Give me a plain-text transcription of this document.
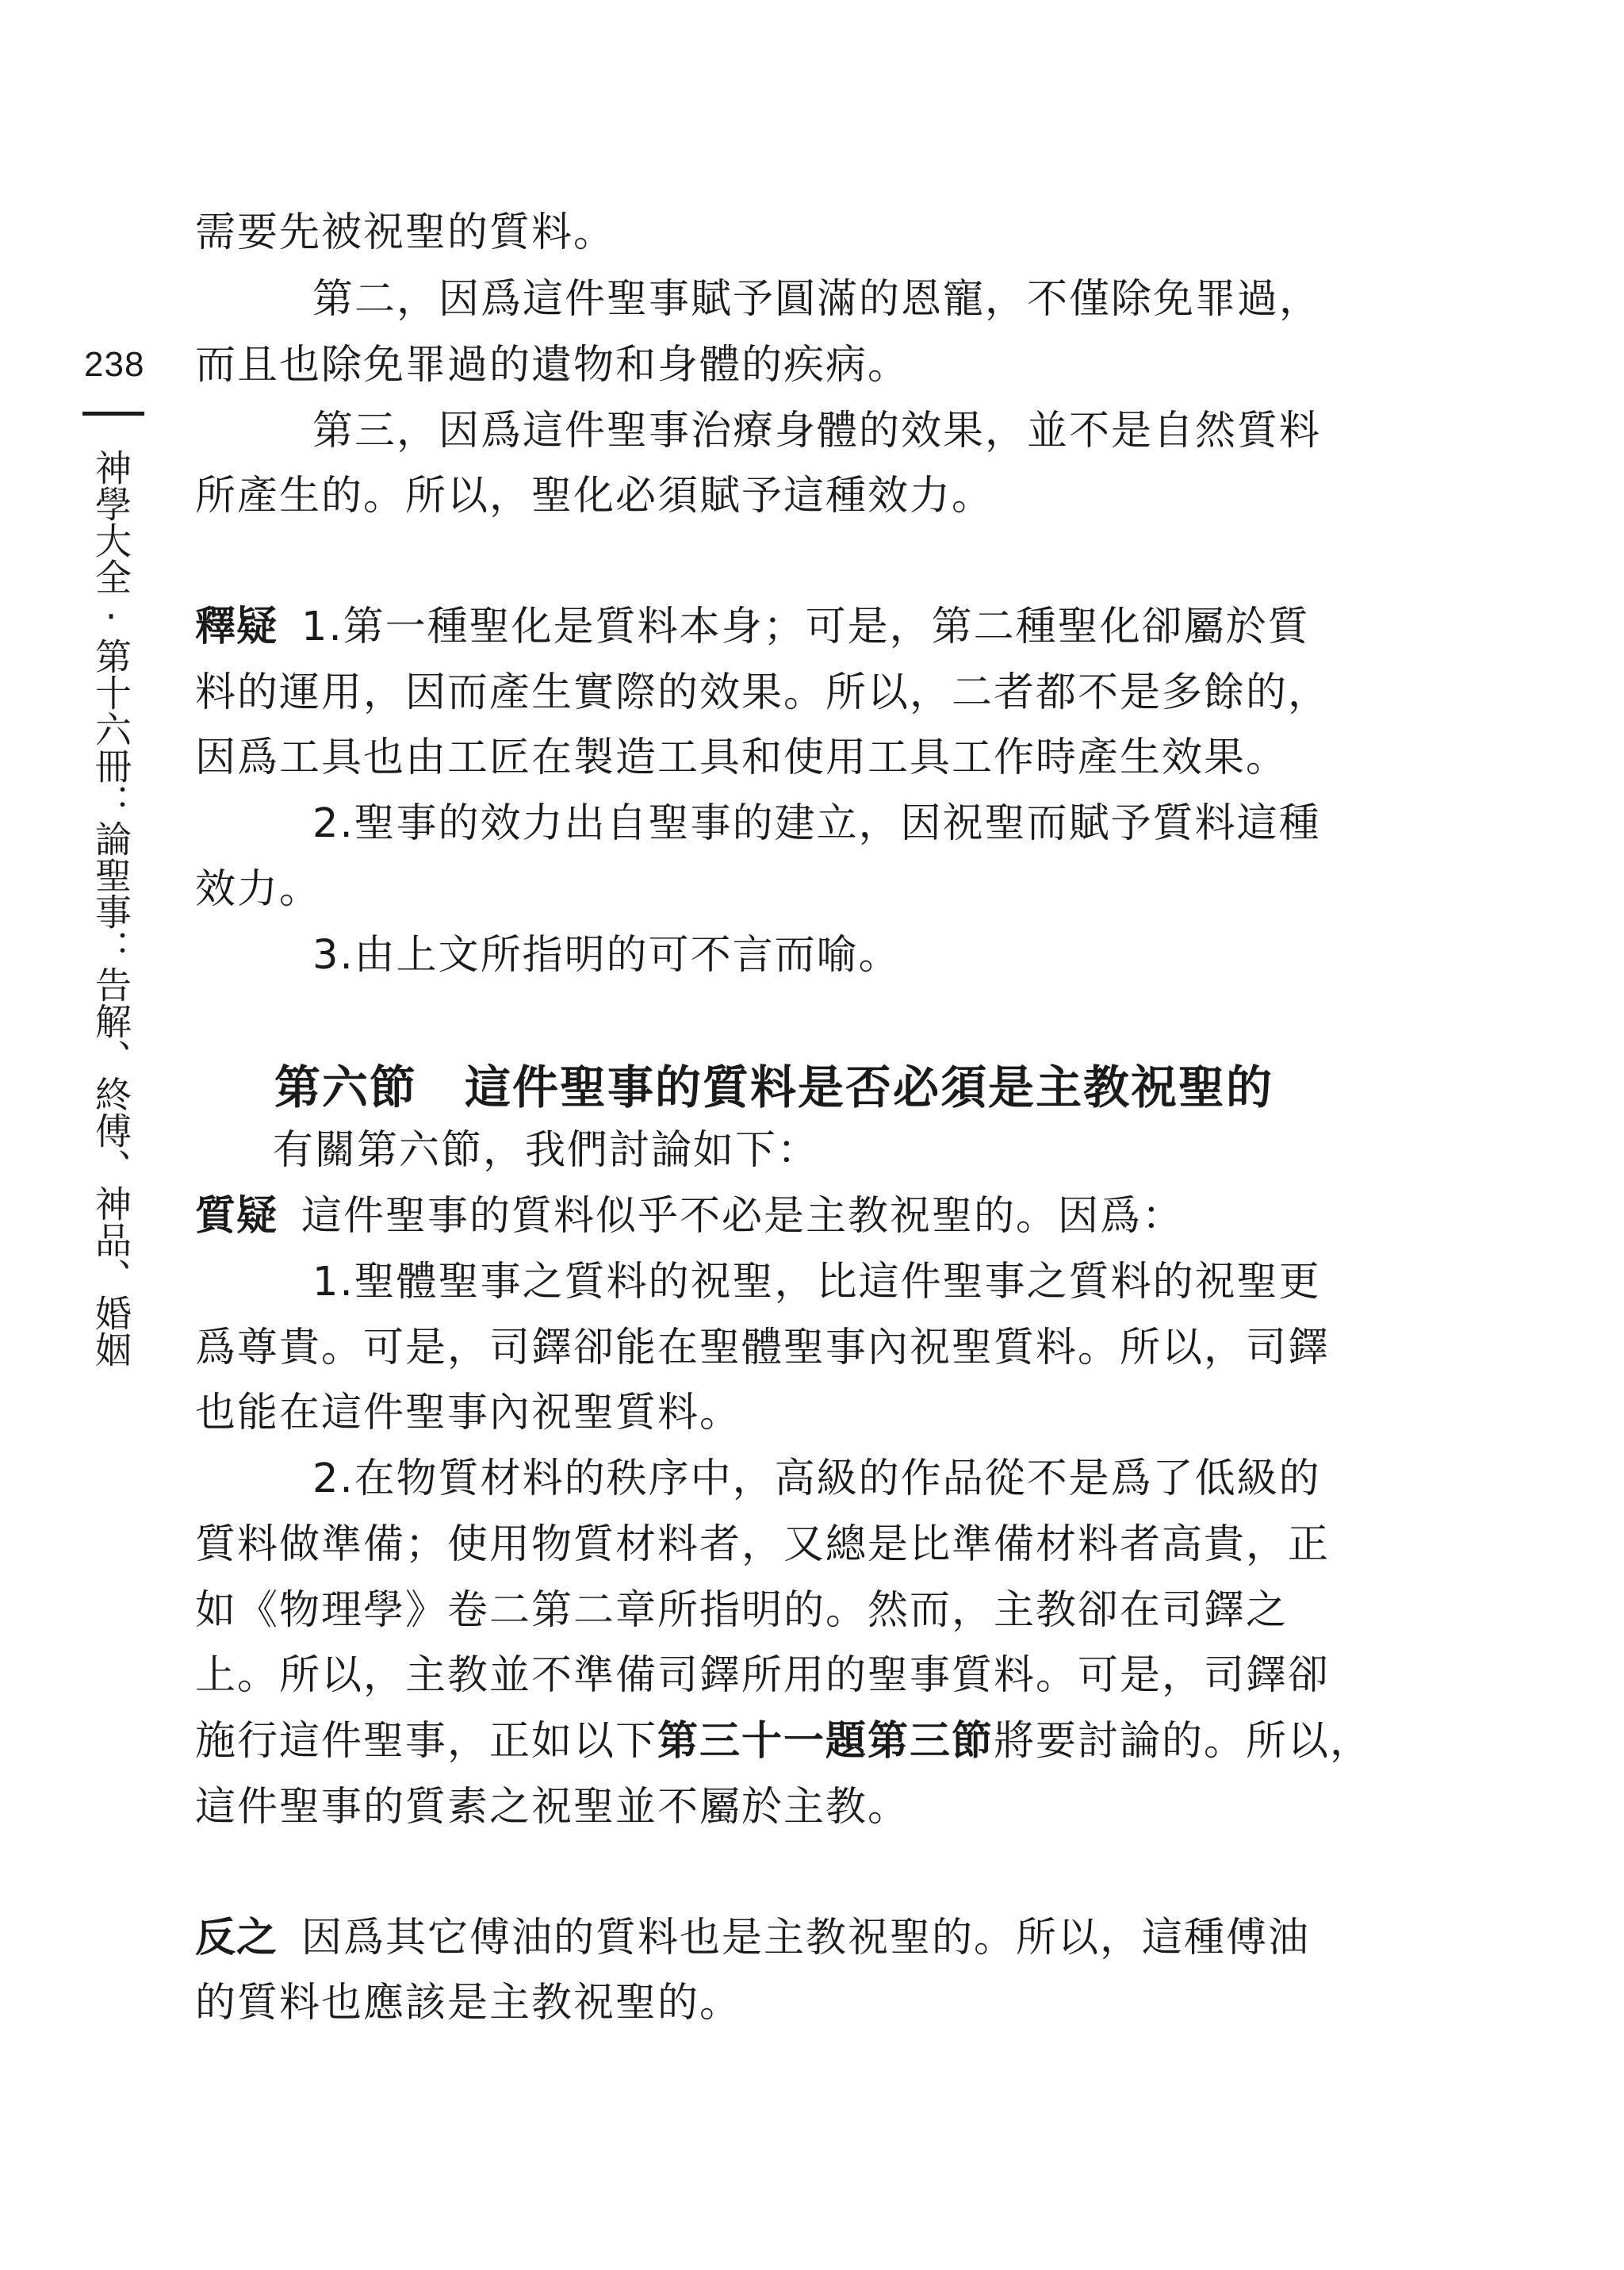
238
神學大全·第十六冊：論聖事：告解、終傅、神品、婚姻
需要先被祝聖的質料。
第二，因爲這件聖事賦予圓滿的恩寵，不僅除免罪過，
而且也除免罪過的遺物和身體的疾病。
第三，因爲這件聖事治療身體的效果，並不是自然質料
所產生的。所以，聖化必須賦予這種效力。
釋疑 1.第一種聖化是質料本身；可是，第二種聖化卻屬於質
料的運用，因而產生實際的效果。所以，二者都不是多餘的，
因爲工具也由工匠在製造工具和使用工具工作時產生效果。
2.聖事的效力出自聖事的建立，因祝聖而賦予質料這種
效力。
3.由上文所指明的可不言而喻。
第六節 這件聖事的質料是否必須是主教祝聖的
有關第六節，我們討論如下：
質疑 這件聖事的質料似乎不必是主教祝聖的。因爲：
1.聖體聖事之質料的祝聖，比這件聖事之質料的祝聖更
爲尊貴。可是，司鐸卻能在聖體聖事內祝聖質料。所以，司鐸
也能在這件聖事內祝聖質料。
2.在物質材料的秩序中，高級的作品從不是爲了低級的
質料做準備；使用物質材料者，又總是比準備材料者高貴，正
如《物理學》卷二第二章所指明的。然而，主教卻在司鐸之
上。所以，主教並不準備司鐸所用的聖事質料。可是，司鐸卻
施行這件聖事，正如以下第三十一題第三節將要討論的。所以，
這件聖事的質素之祝聖並不屬於主教。
反之 因爲其它傅油的質料也是主教祝聖的。所以，這種傅油
的質料也應該是主教祝聖的。
